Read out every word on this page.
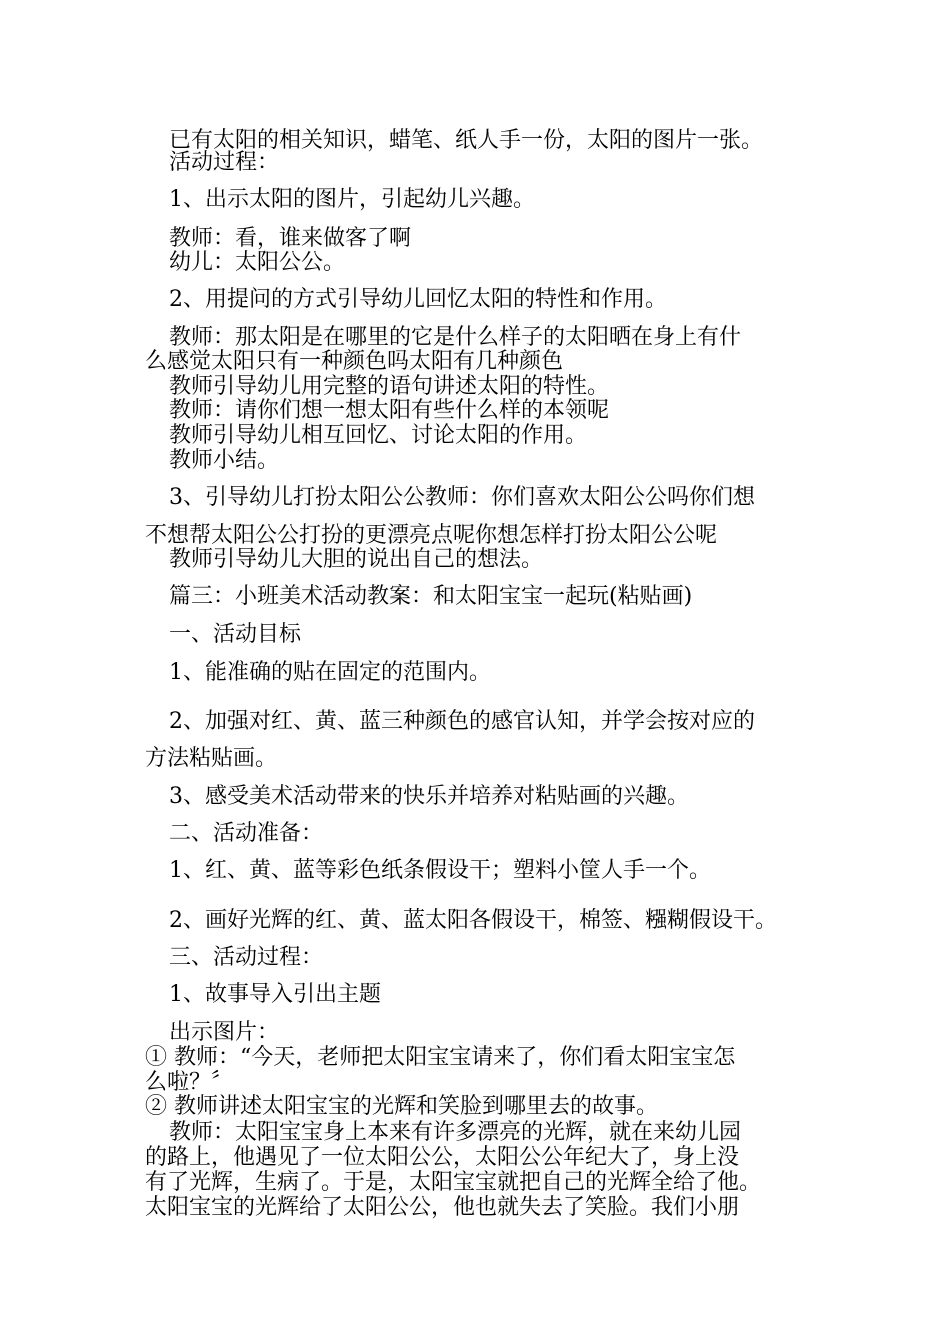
已有太阳的相关知识，蜡笔、纸人手一份，太阳的图片一张。
活动过程：
1、出示太阳的图片，引起幼儿兴趣。
教师：看，谁来做客了啊
幼儿：太阳公公。
2、用提问的方式引导幼儿回忆太阳的特性和作用。
教师：那太阳是在哪里的它是什么样子的太阳晒在身上有什
么感觉太阳只有一种颜色吗太阳有几种颜色
教师引导幼儿用完整的语句讲述太阳的特性。
教师：请你们想一想太阳有些什么样的本领呢
教师引导幼儿相互回忆、讨论太阳的作用。
教师小结。
3、引导幼儿打扮太阳公公教师：你们喜欢太阳公公吗你们想
不想帮太阳公公打扮的更漂亮点呢你想怎样打扮太阳公公呢
教师引导幼儿大胆的说出自己的想法。
篇三：小班美术活动教案：和太阳宝宝一起玩(粘贴画)
一、活动目标
1、能准确的贴在固定的范围内。
2、加强对红、黄、蓝三种颜色的感官认知，并学会按对应的
方法粘贴画。
3、感受美术活动带来的快乐并培养对粘贴画的兴趣。
二、活动准备：
1、红、黄、蓝等彩色纸条假设干；塑料小筐人手一个。
2、画好光辉的红、黄、蓝太阳各假设干，棉签、糨糊假设干。
三、活动过程：
1、故事导入引出主题
出示图片：
① 教师：“今天，老师把太阳宝宝请来了，你们看太阳宝宝怎
么啦？〞
② 教师讲述太阳宝宝的光辉和笑脸到哪里去的故事。
教师：太阳宝宝身上本来有许多漂亮的光辉，就在来幼儿园
的路上，他遇见了一位太阳公公，太阳公公年纪大了，身上没
有了光辉，生病了。于是，太阳宝宝就把自己的光辉全给了他。
太阳宝宝的光辉给了太阳公公，他也就失去了笑脸。我们小朋
